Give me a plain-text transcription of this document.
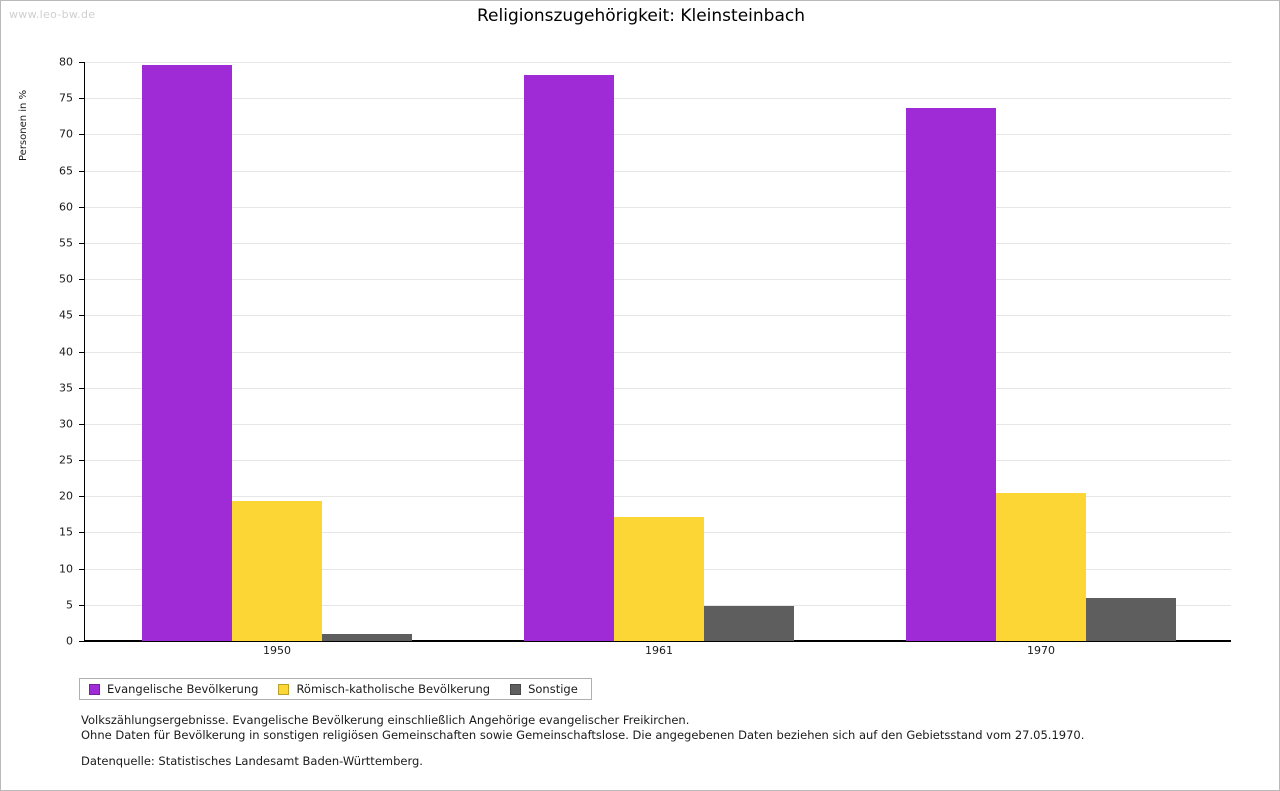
www.leo-bw.de	Religionszugehörigkeit: Kleinsteinbach
Personen in %
0
5
10
15
20
25
30
35
40
45
50
55
60
65
70
75
80
1950	1961	1970
Evangelische Bevölkerung	Römisch-katholische Bevölkerung	Sonstige
Volkszählungsergebnisse. Evangelische Bevölkerung einschließlich Angehörige evangelischer Freikirchen.
Ohne Daten für Bevölkerung in sonstigen religiösen Gemeinschaften sowie Gemeinschaftslose. Die angegebenen Daten beziehen sich auf den Gebietsstand vom 27.05.1970.
Datenquelle: Statistisches Landesamt Baden-Württemberg.
